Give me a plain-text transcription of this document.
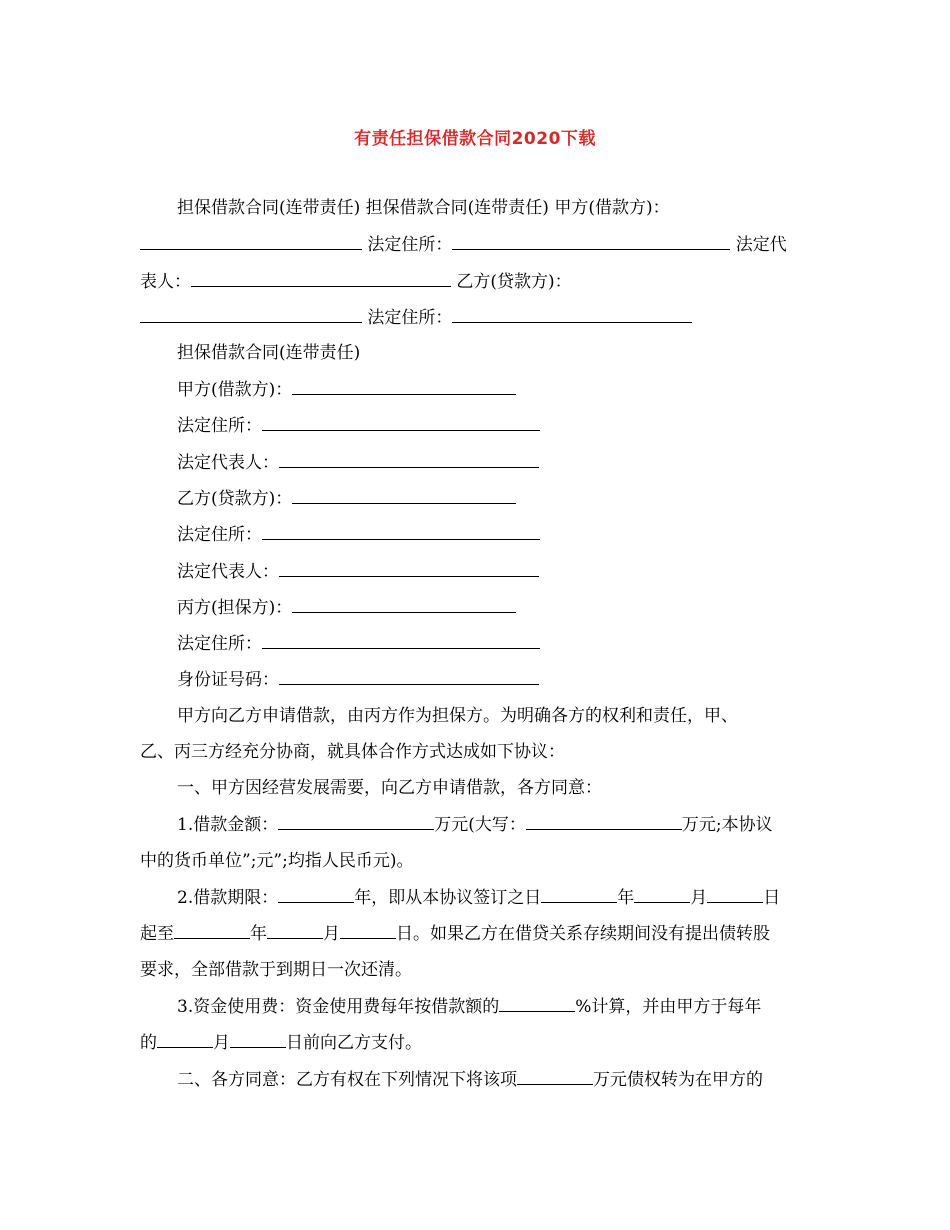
有责任担保借款合同2020下载
担保借款合同(连带责任) 担保借款合同(连带责任) 甲方(借款方)：
法定住所：	法定代
表人：	乙方(贷款方)：
法定住所：
担保借款合同(连带责任)
甲方(借款方)：
法定住所：
法定代表人：
乙方(贷款方)：
法定住所：
法定代表人：
丙方(担保方)：
法定住所：
身份证号码：
甲方向乙方申请借款，由丙方作为担保方。为明确各方的权利和责任，甲、
乙、丙三方经充分协商，就具体合作方式达成如下协议：
一、甲方因经营发展需要，向乙方申请借款，各方同意：
1.借款金额：	万元(大写：	万元;本协议
中的货币单位”;元”;均指人民币元)。
2.借款期限：	年，即从本协议签订之日	年	月	日
起至	年	月	日。如果乙方在借贷关系存续期间没有提出债转股
要求，全部借款于到期日一次还清。
3.资金使用费：资金使用费每年按借款额的	%计算，并由甲方于每年
的	月	日前向乙方支付。
二、各方同意：乙方有权在下列情况下将该项	万元债权转为在甲方的
